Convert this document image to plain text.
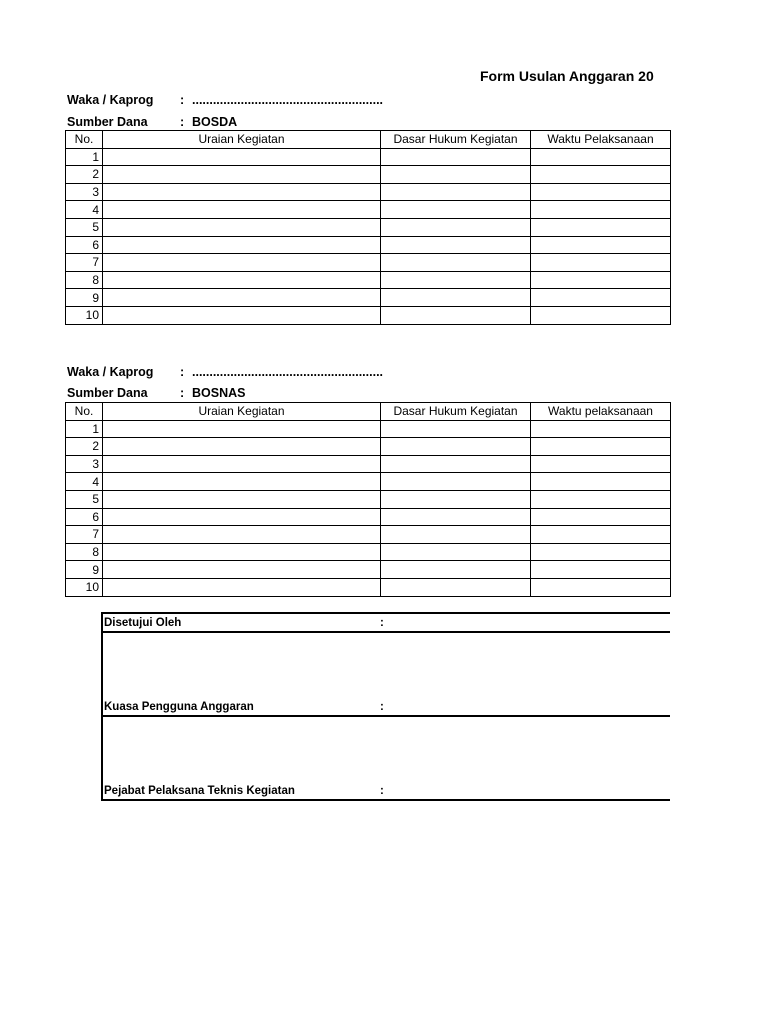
Form Usulan Anggaran 20
Waka / Kaprog : .......................................................
Sumber Dana	: BOSDA
No.	Uraian Kegiatan	Dasar Hukum Kegiatan	Waktu Pelaksanaan
1			
2			
3			
4			
5			
6			
7			
8			
9			
10			
Waka / Kaprog : .......................................................
Sumber Dana	: BOSNAS
No.	Uraian Kegiatan	Dasar Hukum Kegiatan	Waktu pelaksanaan
1			
2			
3			
4			
5			
6			
7			
8			
9			
10			
Disetujui Oleh	:
Kuasa Pengguna Anggaran	:
Pejabat Pelaksana Teknis Kegiatan	:
